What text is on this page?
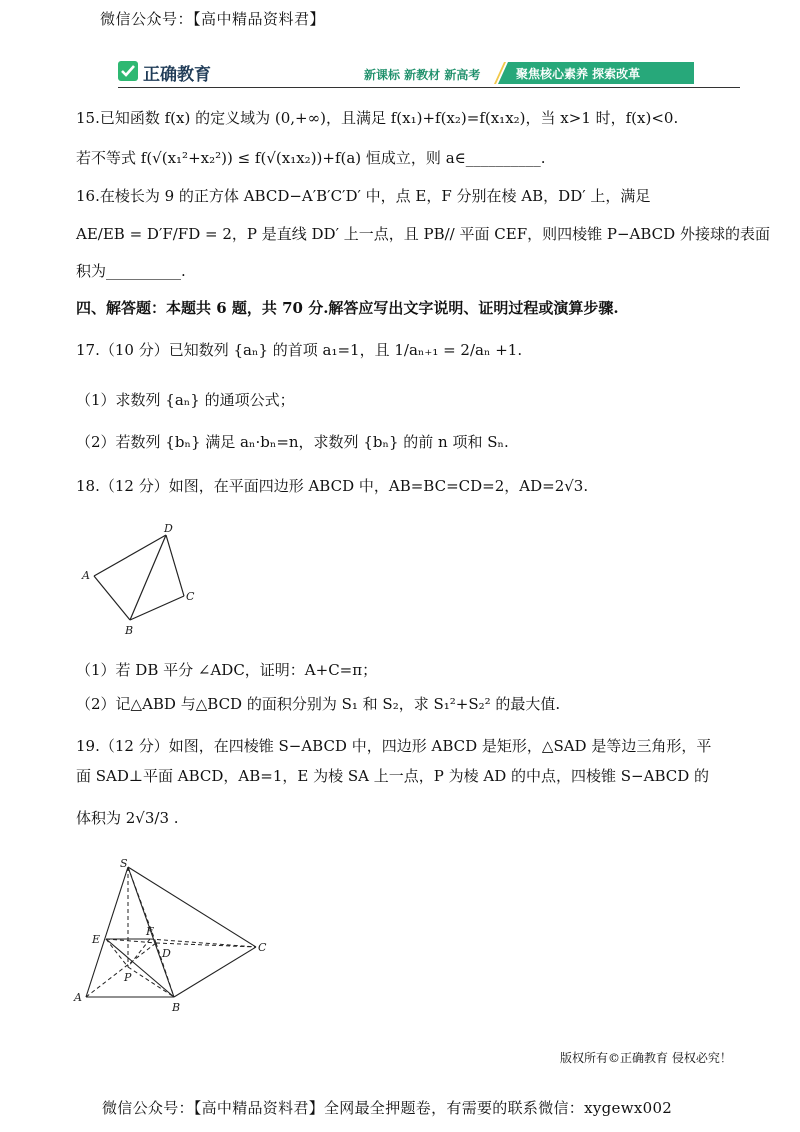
微信公众号：【高中精品资料君】
正确教育	新课标 新教材 新高考	聚焦核心素养 探索改革
15.已知函数 f(x) 的定义域为 (0,+∞)，且满足 f(x₁)+f(x₂)=f(x₁x₂)，当 x>1 时，f(x)<0.
若不等式 f(√(x₁²+x₂²)) ≤ f(√(x₁x₂))+f(a) 恒成立，则 a∈__________.
16.在棱长为 9 的正方体 ABCD−A′B′C′D′ 中，点 E，F 分别在棱 AB，DD′ 上，满足
AE/EB = D′F/FD = 2，P 是直线 DD′ 上一点，且 PB// 平面 CEF，则四棱锥 P−ABCD 外接球的表面
积为__________.
四、解答题：本题共 6 题，共 70 分.解答应写出文字说明、证明过程或演算步骤.
17.（10 分）已知数列 {aₙ} 的首项 a₁=1，且 1/aₙ₊₁ = 2/aₙ +1.
（1）求数列 {aₙ} 的通项公式；
（2）若数列 {bₙ} 满足 aₙ·bₙ=n，求数列 {bₙ} 的前 n 项和 Sₙ.
18.（12 分）如图，在平面四边形 ABCD 中，AB=BC=CD=2，AD=2√3.
A
D
C
B
（1）若 DB 平分 ∠ADC，证明：A+C=π；
（2）记△ABD 与△BCD 的面积分别为 S₁ 和 S₂，求 S₁²+S₂² 的最大值.
19.（12 分）如图，在四棱锥 S−ABCD 中，四边形 ABCD 是矩形，△SAD 是等边三角形，平
面 SAD⊥平面 ABCD，AB=1，E 为棱 SA 上一点，P 为棱 AD 的中点，四棱锥 S−ABCD 的
体积为 2√3/3 .
S
E
F
D
P
A
B
C
版权所有©正确教育 侵权必究！
微信公众号：【高中精品资料君】全网最全押题卷，有需要的联系微信：xygewx002
